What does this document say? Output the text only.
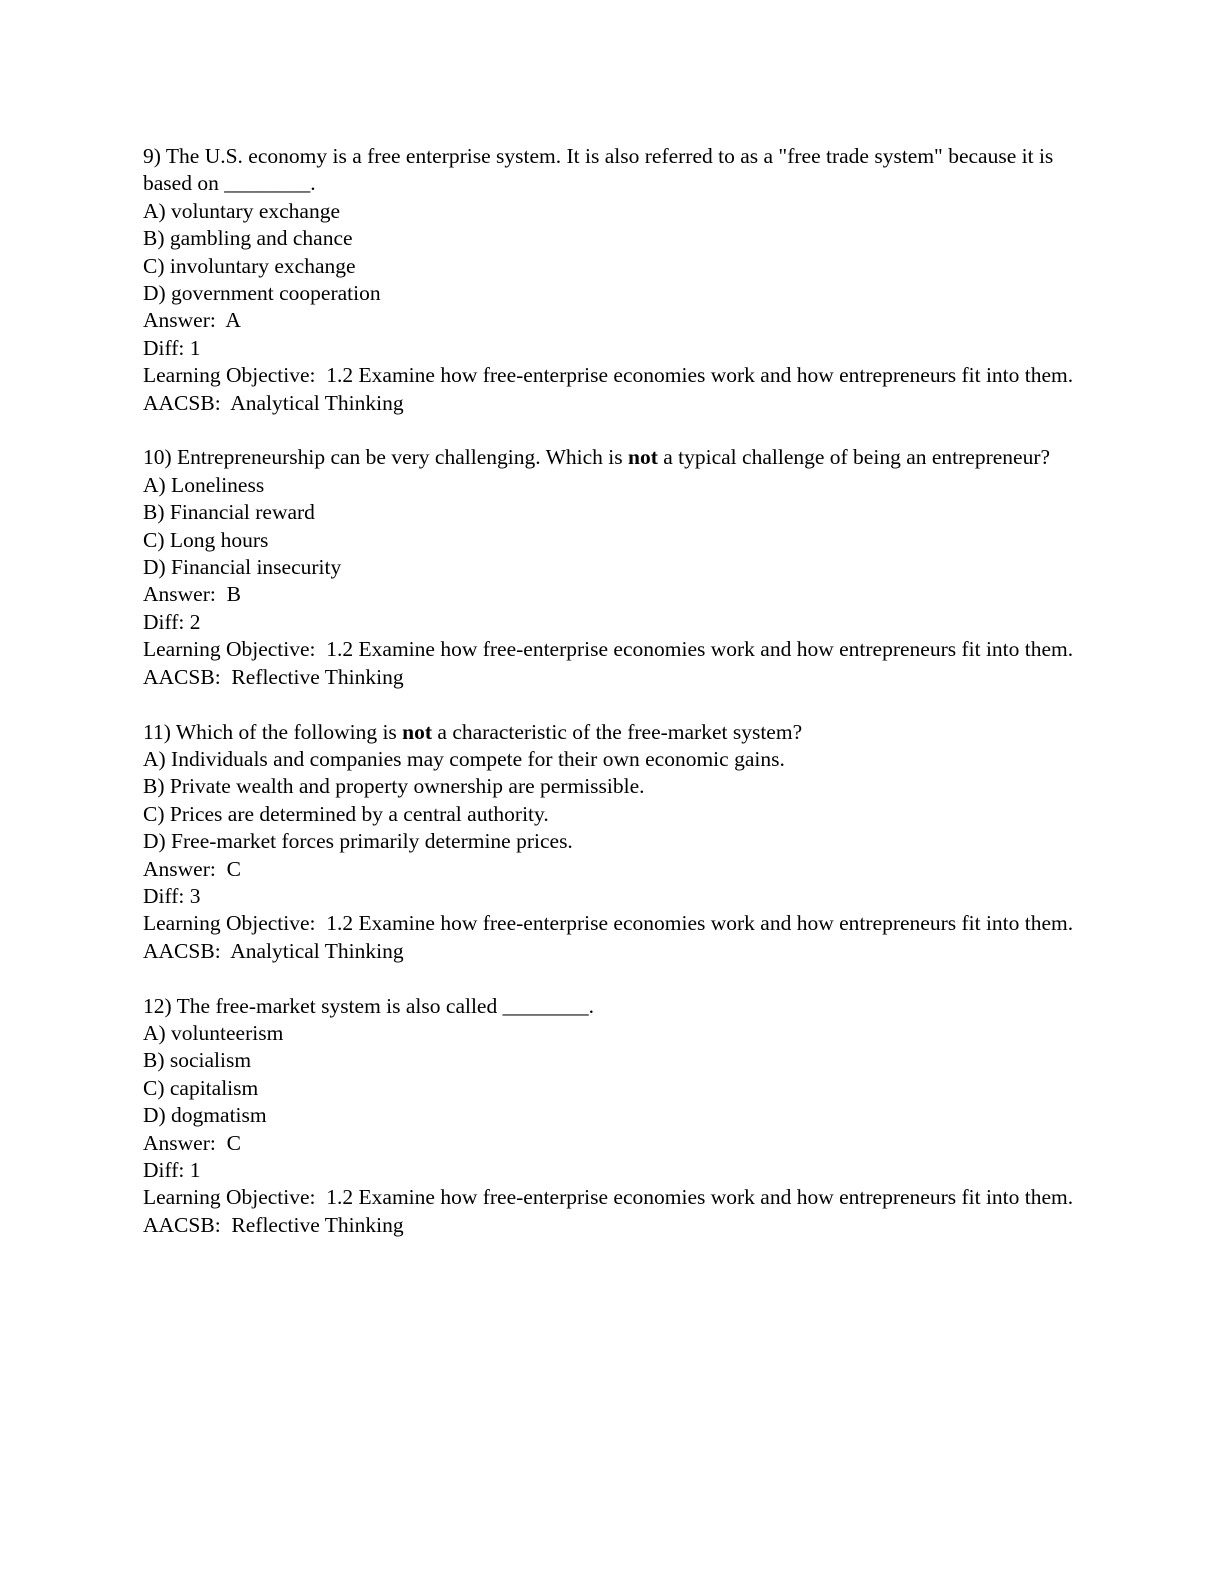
9) The U.S. economy is a free enterprise system. It is also referred to as a "free trade system" because it is based on ________.
A) voluntary exchange
B) gambling and chance
C) involuntary exchange
D) government cooperation
Answer:  A
Diff: 1
Learning Objective:  1.2 Examine how free-enterprise economies work and how entrepreneurs fit into them.
AACSB:  Analytical Thinking
10) Entrepreneurship can be very challenging. Which is not a typical challenge of being an entrepreneur?
A) Loneliness
B) Financial reward
C) Long hours
D) Financial insecurity
Answer:  B
Diff: 2
Learning Objective:  1.2 Examine how free-enterprise economies work and how entrepreneurs fit into them.
AACSB:  Reflective Thinking
11) Which of the following is not a characteristic of the free-market system?
A) Individuals and companies may compete for their own economic gains.
B) Private wealth and property ownership are permissible.
C) Prices are determined by a central authority.
D) Free-market forces primarily determine prices.
Answer:  C
Diff: 3
Learning Objective:  1.2 Examine how free-enterprise economies work and how entrepreneurs fit into them.
AACSB:  Analytical Thinking
12) The free-market system is also called ________.
A) volunteerism
B) socialism
C) capitalism
D) dogmatism
Answer:  C
Diff: 1
Learning Objective:  1.2 Examine how free-enterprise economies work and how entrepreneurs fit into them.
AACSB:  Reflective Thinking
